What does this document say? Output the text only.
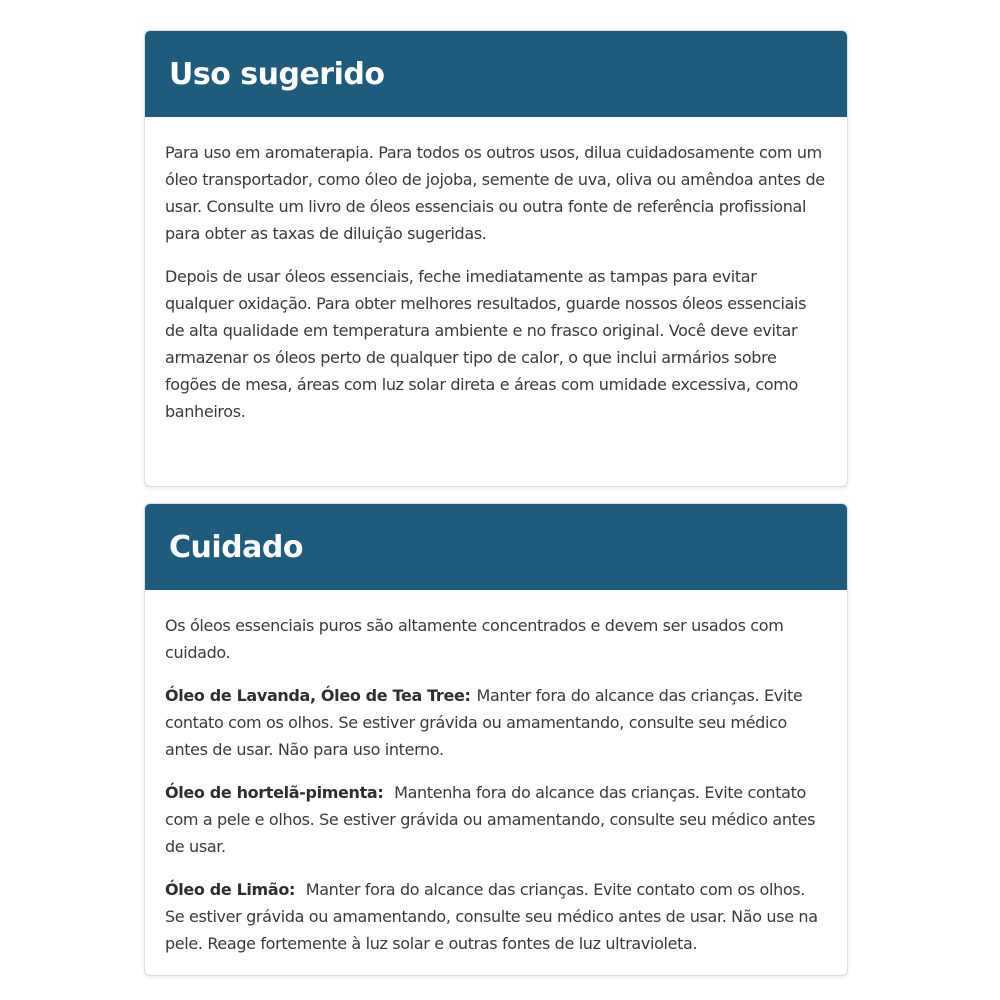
Uso sugerido

Para uso em aromaterapia. Para todos os outros usos, dilua cuidadosamente com um óleo transportador, como óleo de jojoba, semente de uva, oliva ou amêndoa antes de usar. Consulte um livro de óleos essenciais ou outra fonte de referência profissional para obter as taxas de diluição sugeridas.

Depois de usar óleos essenciais, feche imediatamente as tampas para evitar qualquer oxidação. Para obter melhores resultados, guarde nossos óleos essenciais de alta qualidade em temperatura ambiente e no frasco original. Você deve evitar armazenar os óleos perto de qualquer tipo de calor, o que inclui armários sobre fogões de mesa, áreas com luz solar direta e áreas com umidade excessiva, como banheiros.

Cuidado

Os óleos essenciais puros são altamente concentrados e devem ser usados com cuidado.

Óleo de Lavanda, Óleo de Tea Tree: Manter fora do alcance das crianças. Evite contato com os olhos. Se estiver grávida ou amamentando, consulte seu médico antes de usar. Não para uso interno.

Óleo de hortelã-pimenta: Mantenha fora do alcance das crianças. Evite contato com a pele e olhos. Se estiver grávida ou amamentando, consulte seu médico antes de usar.

Óleo de Limão: Manter fora do alcance das crianças. Evite contato com os olhos. Se estiver grávida ou amamentando, consulte seu médico antes de usar. Não use na pele. Reage fortemente à luz solar e outras fontes de luz ultravioleta.
